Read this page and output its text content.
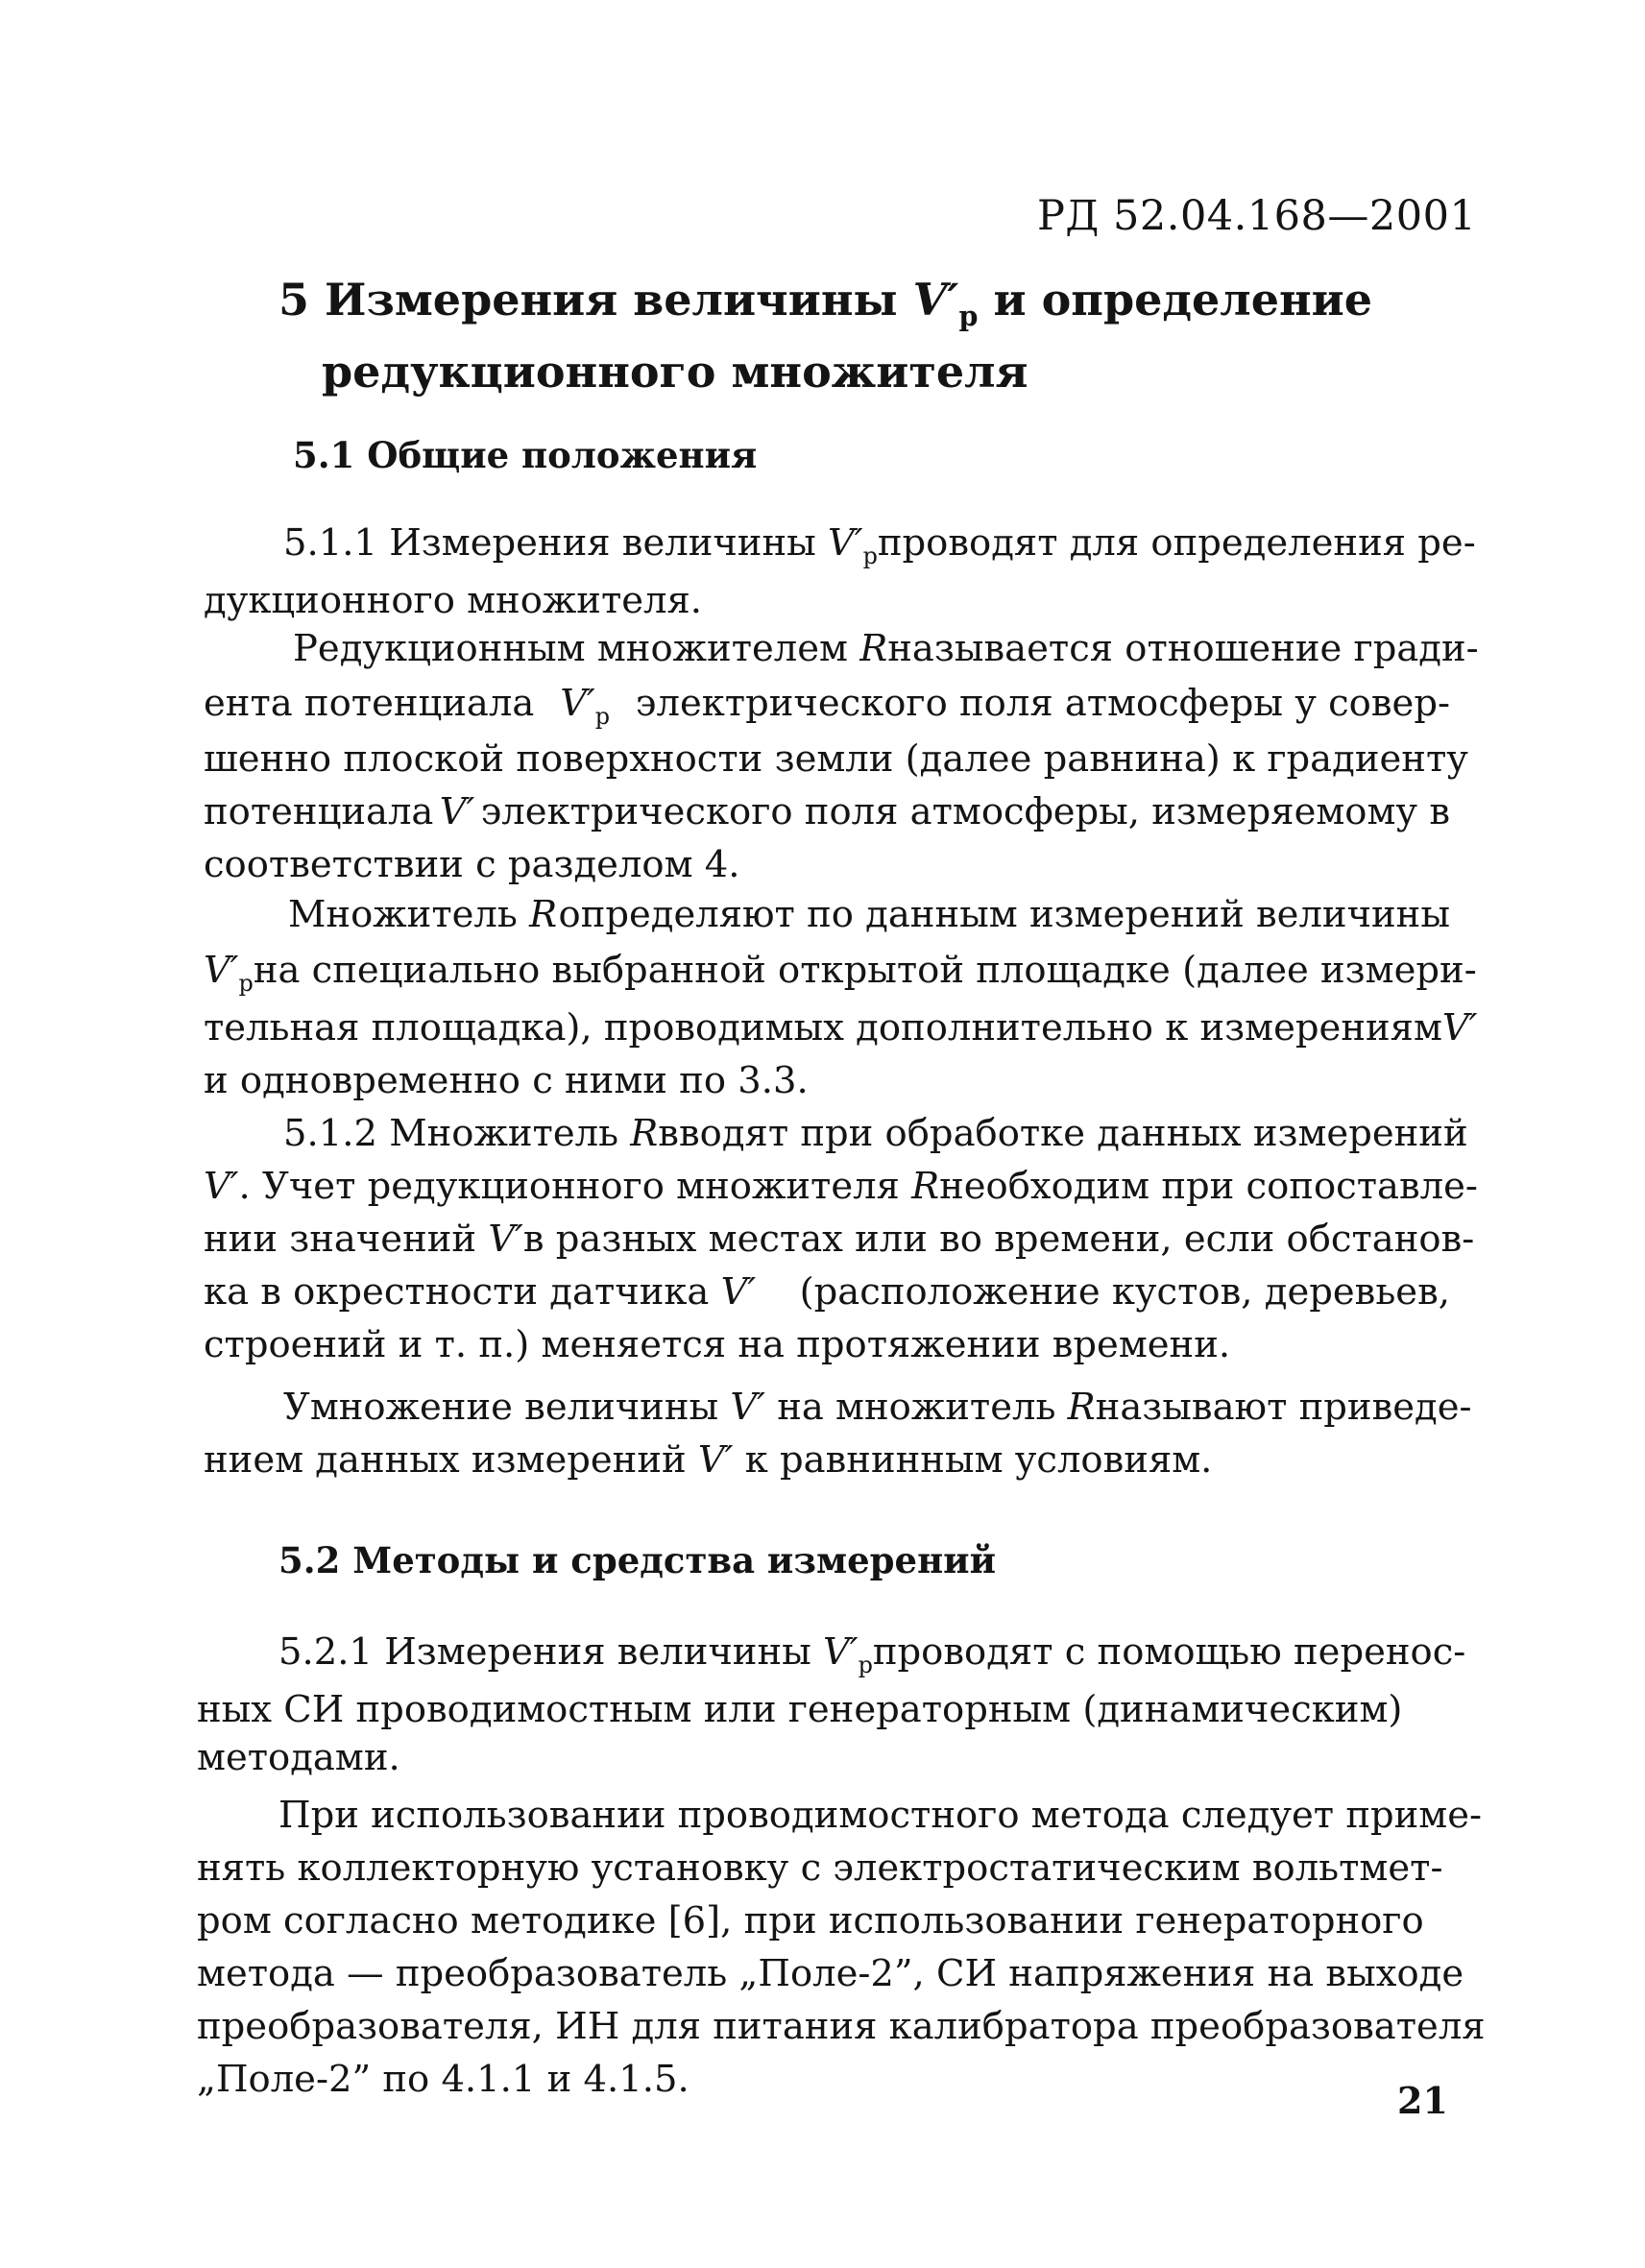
РД 52.04.168—2001
5 Измерения величины $V'_р$ и определение
редукционного множителя
5.1 Общие положения
5.1.1 Измерения величины $V'_р$ проводят для определения ре-
дукционного множителя.
Редукционным множителем R называется отношение гради-
ента потенциала $V'_р$ электрического поля атмосферы у совер-
шенно плоской поверхности земли (далее равнина) к градиенту
потенциала V′ электрического поля атмосферы, измеряемому в
соответствии с разделом 4.
Множитель R определяют по данным измерений величины
$V'_р$ на специально выбранной открытой площадке (далее измери-
тельная площадка), проводимых дополнительно к измерениям V′
и одновременно с ними по 3.3.
5.1.2 Множитель R вводят при обработке данных измерений
V′. Учет редукционного множителя R необходим при сопоставле-
нии значений V′ в разных местах или во времени, если обстанов-
ка в окрестности датчика V′ (расположение кустов, деревьев,
строений и т. п.) меняется на протяжении времени.
Умножение величины V′ на множитель R называют приведе-
нием данных измерений V′ к равнинным условиям.
5.2 Методы и средства измерений
5.2.1 Измерения величины $V'_р$ проводят с помощью перенос-
ных СИ проводимостным или генераторным (динамическим)
методами.
При использовании проводимостного метода следует приме-
нять коллекторную установку с электростатическим вольтмет-
ром согласно методике [6], при использовании генераторного
метода — преобразователь „Поле-2”, СИ напряжения на выходе
преобразователя, ИН для питания калибратора преобразователя
„Поле-2” по 4.1.1 и 4.1.5.	21
